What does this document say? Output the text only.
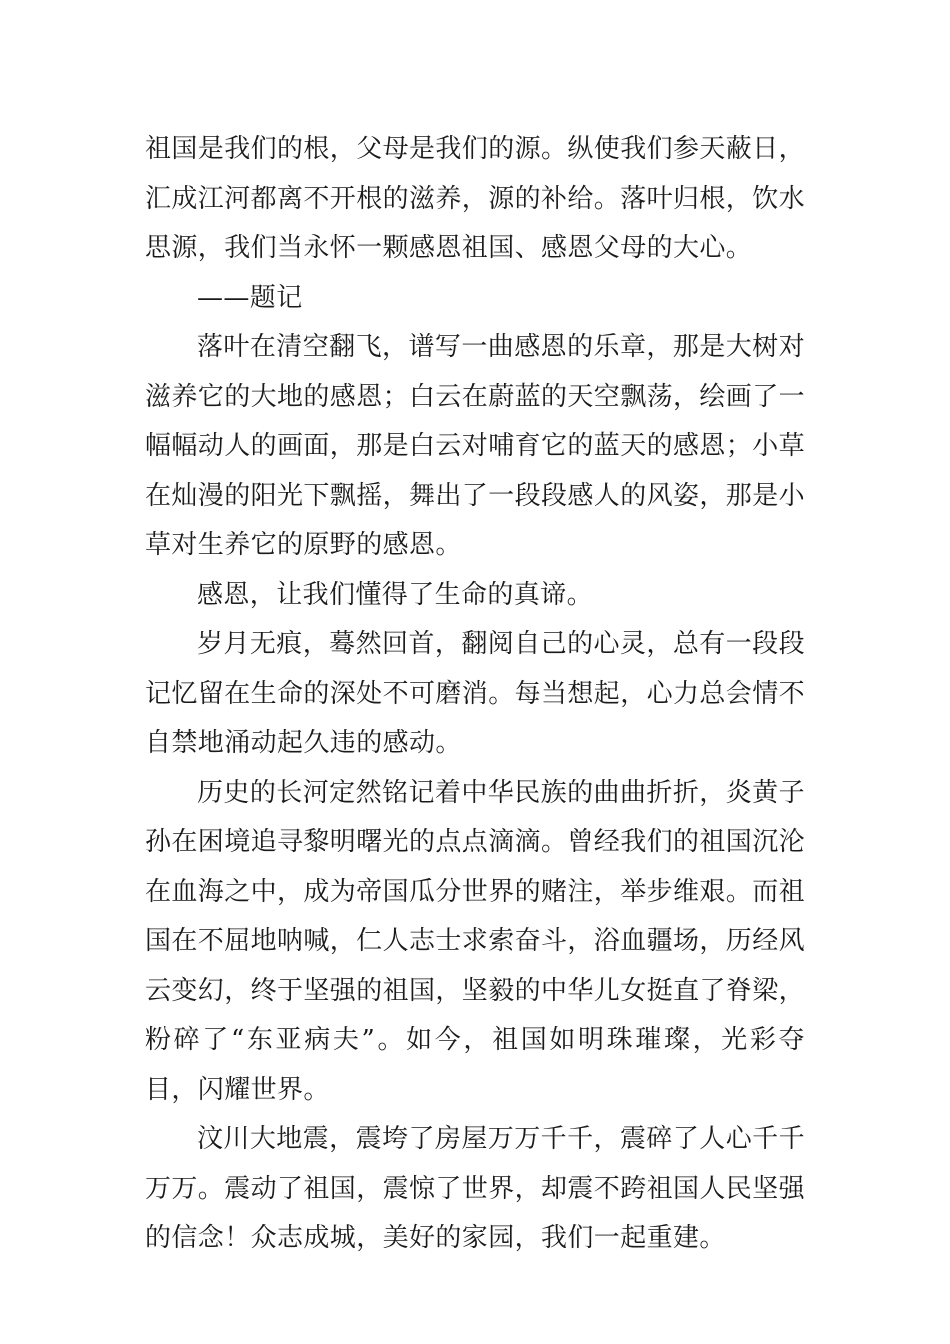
祖国是我们的根，父母是我们的源。纵使我们参天蔽日，汇成江河都离不开根的滋养，源的补给。落叶归根，饮水思源，我们当永怀一颗感恩祖国、感恩父母的大心。

——题记

落叶在清空翻飞，谱写一曲感恩的乐章，那是大树对滋养它的大地的感恩；白云在蔚蓝的天空飘荡，绘画了一幅幅动人的画面，那是白云对哺育它的蓝天的感恩；小草在灿漫的阳光下飘摇，舞出了一段段感人的风姿，那是小草对生养它的原野的感恩。

感恩，让我们懂得了生命的真谛。

岁月无痕，蓦然回首，翻阅自己的心灵，总有一段段记忆留在生命的深处不可磨消。每当想起，心力总会情不自禁地涌动起久违的感动。

历史的长河定然铭记着中华民族的曲曲折折，炎黄子孙在困境追寻黎明曙光的点点滴滴。曾经我们的祖国沉沦在血海之中，成为帝国瓜分世界的赌注，举步维艰。而祖国在不屈地呐喊，仁人志士求索奋斗，浴血疆场，历经风云变幻，终于坚强的祖国，坚毅的中华儿女挺直了脊梁，粉碎了“东亚病夫”。如今，祖国如明珠璀璨，光彩夺目，闪耀世界。

汶川大地震，震垮了房屋万万千千，震碎了人心千千万万。震动了祖国，震惊了世界，却震不跨祖国人民坚强的信念！众志成城，美好的家园，我们一起重建。
